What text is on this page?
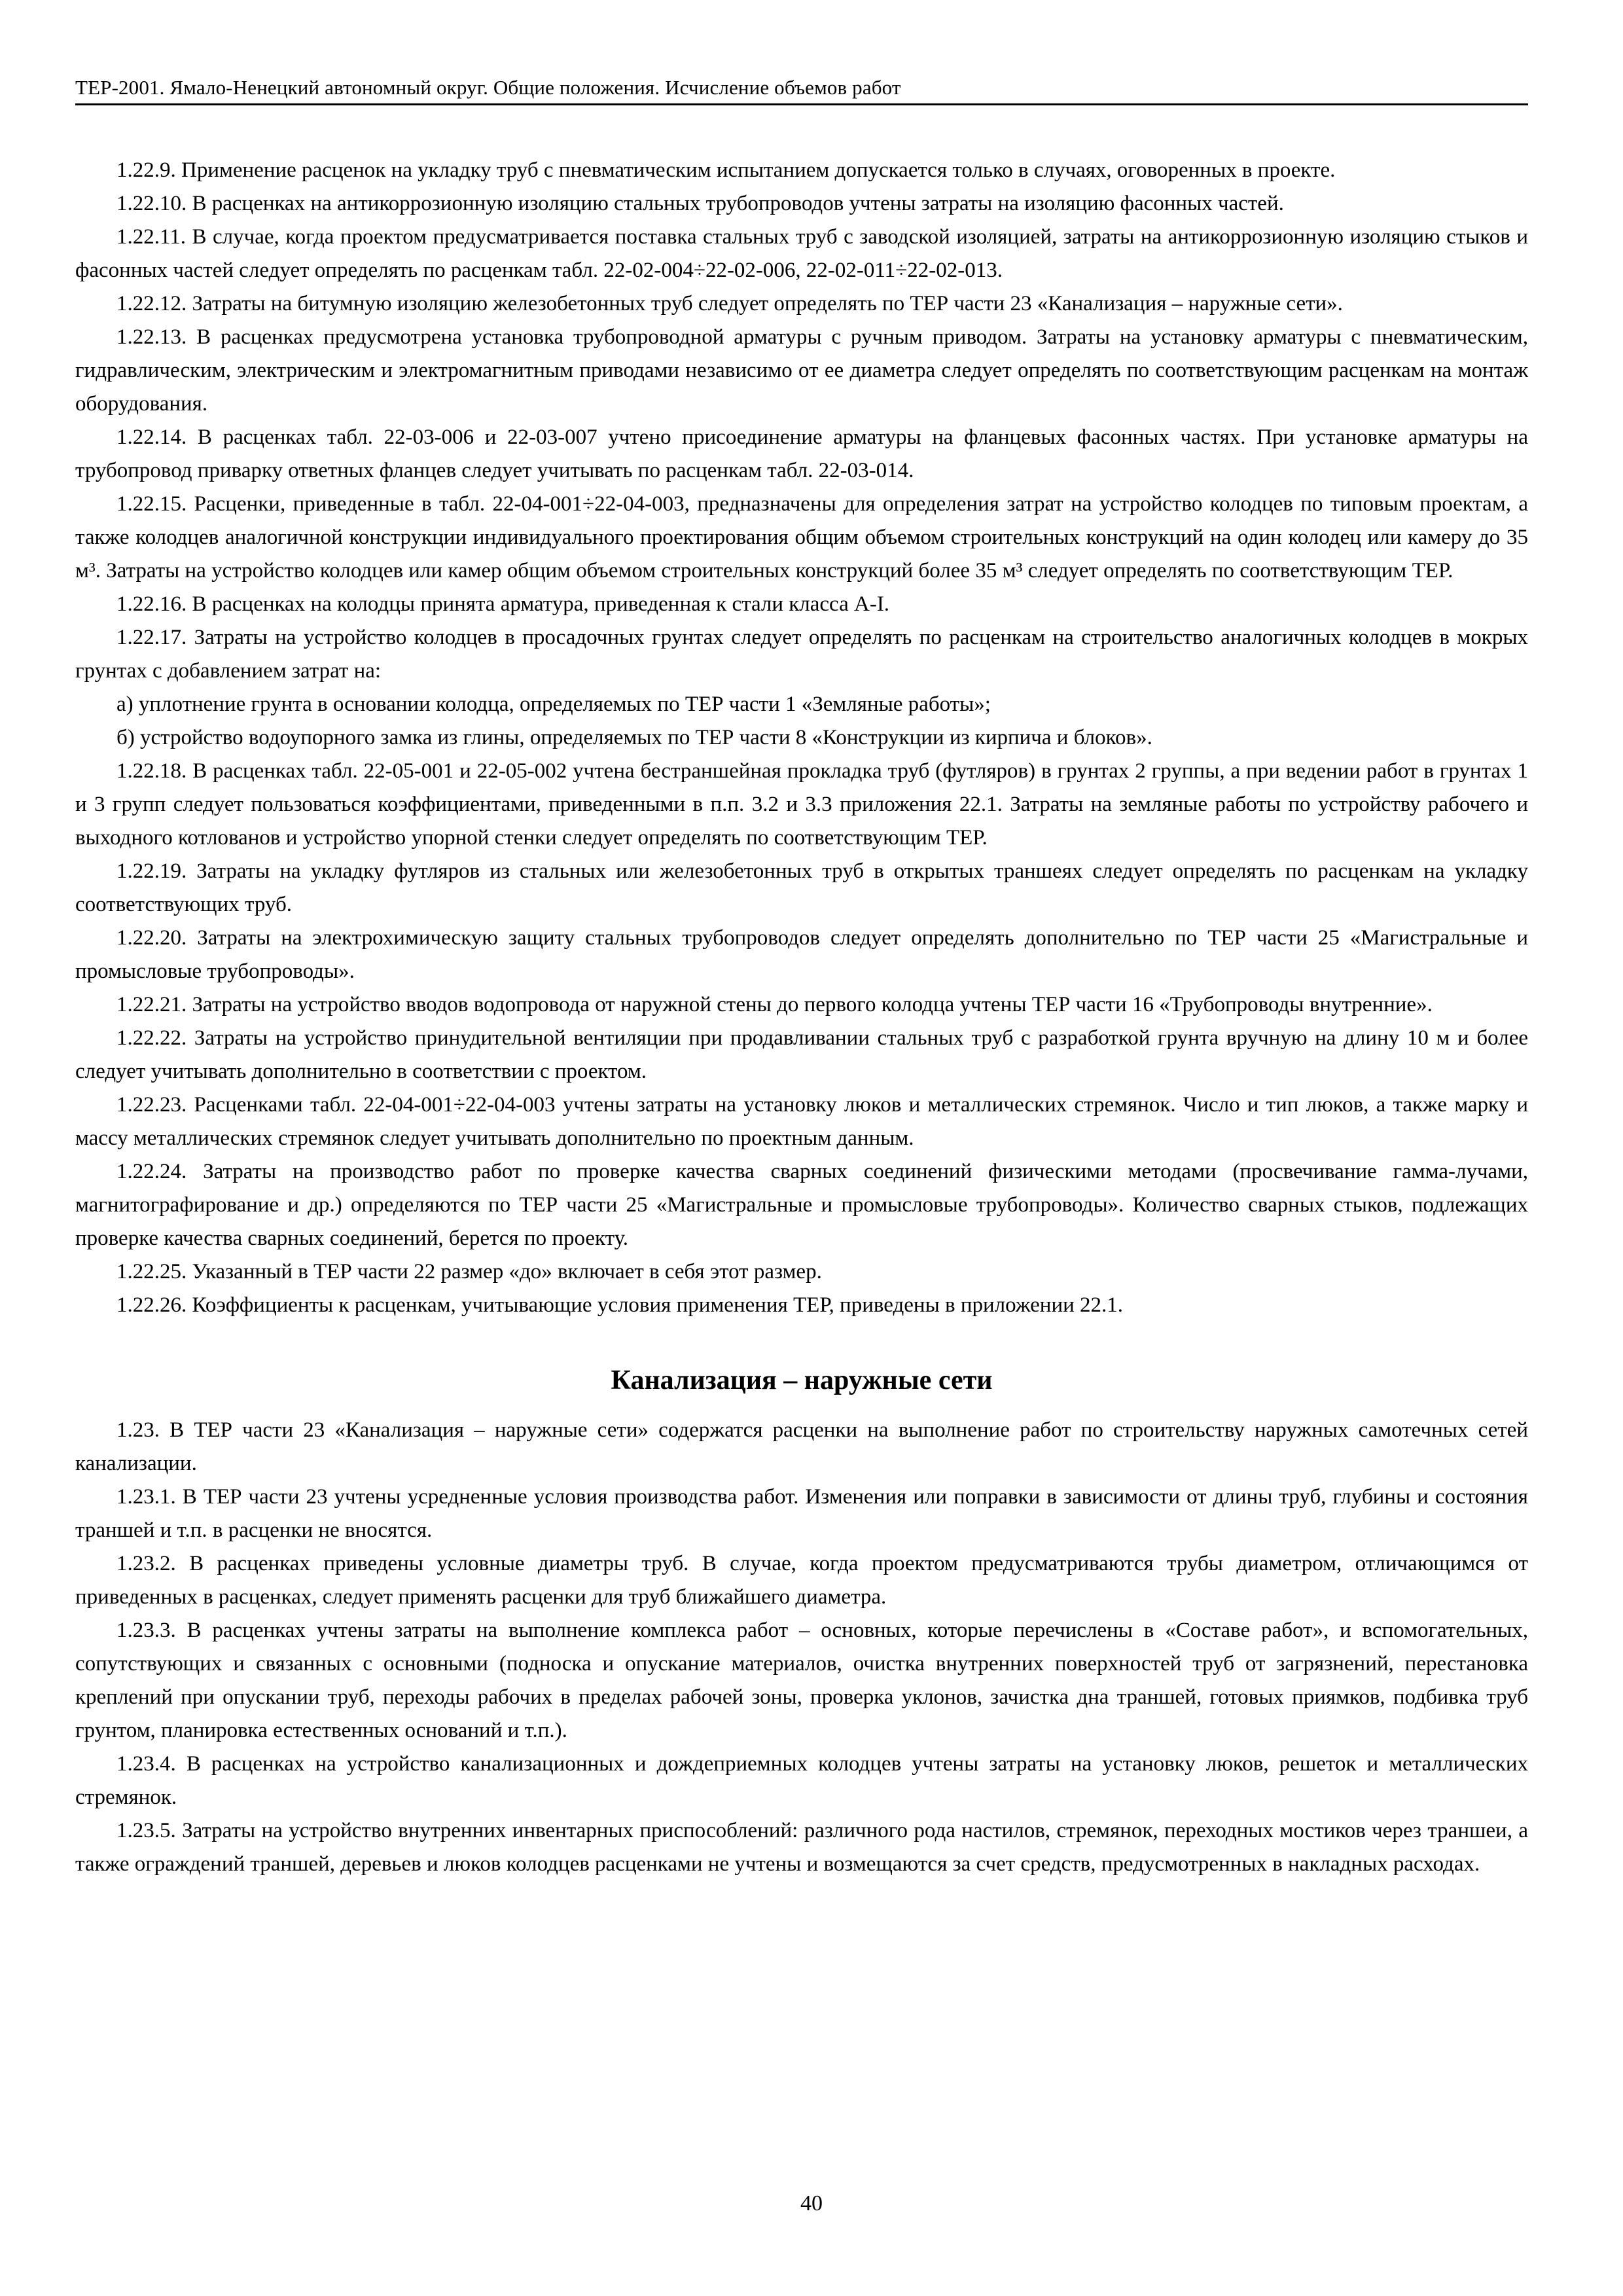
ТЕР-2001. Ямало-Ненецкий автономный округ. Общие положения. Исчисление объемов работ

1.22.9. Применение расценок на укладку труб с пневматическим испытанием допускается только в случаях, оговоренных в проекте.

1.22.10. В расценках на антикоррозионную изоляцию стальных трубопроводов учтены затраты на изоляцию фасонных частей.

1.22.11. В случае, когда проектом предусматривается поставка стальных труб с заводской изоляцией, затраты на антикоррозионную изоляцию стыков и фасонных частей следует определять по расценкам табл. 22-02-004÷22-02-006, 22-02-011÷22-02-013.

1.22.12. Затраты на битумную изоляцию железобетонных труб следует определять по ТЕР части 23 «Канализация – наружные сети».

1.22.13. В расценках предусмотрена установка трубопроводной арматуры с ручным приводом. Затраты на установку арматуры с пневматическим, гидравлическим, электрическим и электромагнитным приводами независимо от ее диаметра следует определять по соответствующим расценкам на монтаж оборудования.

1.22.14. В расценках табл. 22-03-006 и 22-03-007 учтено присоединение арматуры на фланцевых фасонных частях. При установке арматуры на трубопровод приварку ответных фланцев следует учитывать по расценкам табл. 22-03-014.

1.22.15. Расценки, приведенные в табл. 22-04-001÷22-04-003, предназначены для определения затрат на устройство колодцев по типовым проектам, а также колодцев аналогичной конструкции индивидуального проектирования общим объемом строительных конструкций на один колодец или камеру до 35 м³. Затраты на устройство колодцев или камер общим объемом строительных конструкций более 35 м³ следует определять по соответствующим ТЕР.

1.22.16. В расценках на колодцы принята арматура, приведенная к стали класса А-I.

1.22.17. Затраты на устройство колодцев в просадочных грунтах следует определять по расценкам на строительство аналогичных колодцев в мокрых грунтах с добавлением затрат на:

а) уплотнение грунта в основании колодца, определяемых по ТЕР части 1 «Земляные работы»;

б) устройство водоупорного замка из глины, определяемых по ТЕР части 8 «Конструкции из кирпича и блоков».

1.22.18. В расценках табл. 22-05-001 и 22-05-002 учтена бестраншейная прокладка труб (футляров) в грунтах 2 группы, а при ведении работ в грунтах 1 и 3 групп следует пользоваться коэффициентами, приведенными в п.п. 3.2 и 3.3 приложения 22.1. Затраты на земляные работы по устройству рабочего и выходного котлованов и устройство упорной стенки следует определять по соответствующим ТЕР.

1.22.19. Затраты на укладку футляров из стальных или железобетонных труб в открытых траншеях следует определять по расценкам на укладку соответствующих труб.

1.22.20. Затраты на электрохимическую защиту стальных трубопроводов следует определять дополнительно по ТЕР части 25 «Магистральные и промысловые трубопроводы».

1.22.21. Затраты на устройство вводов водопровода от наружной стены до первого колодца учтены ТЕР части 16 «Трубопроводы внутренние».

1.22.22. Затраты на устройство принудительной вентиляции при продавливании стальных труб с разработкой грунта вручную на длину 10 м и более следует учитывать дополнительно в соответствии с проектом.

1.22.23. Расценками табл. 22-04-001÷22-04-003 учтены затраты на установку люков и металлических стремянок. Число и тип люков, а также марку и массу металлических стремянок следует учитывать дополнительно по проектным данным.

1.22.24. Затраты на производство работ по проверке качества сварных соединений физическими методами (просвечивание гамма-лучами, магнитографирование и др.) определяются по ТЕР части 25 «Магистральные и промысловые трубопроводы». Количество сварных стыков, подлежащих проверке качества сварных соединений, берется по проекту.

1.22.25. Указанный в ТЕР части 22 размер «до» включает в себя этот размер.

1.22.26. Коэффициенты к расценкам, учитывающие условия применения ТЕР, приведены в приложении 22.1.

Канализация – наружные сети

1.23. В ТЕР части 23 «Канализация – наружные сети» содержатся расценки на выполнение работ по строительству наружных самотечных сетей канализации.

1.23.1. В ТЕР части 23 учтены усредненные условия производства работ. Изменения или поправки в зависимости от длины труб, глубины и состояния траншей и т.п. в расценки не вносятся.

1.23.2. В расценках приведены условные диаметры труб. В случае, когда проектом предусматриваются трубы диаметром, отличающимся от приведенных в расценках, следует применять расценки для труб ближайшего диаметра.

1.23.3. В расценках учтены затраты на выполнение комплекса работ – основных, которые перечислены в «Составе работ», и вспомогательных, сопутствующих и связанных с основными (подноска и опускание материалов, очистка внутренних поверхностей труб от загрязнений, перестановка креплений при опускании труб, переходы рабочих в пределах рабочей зоны, проверка уклонов, зачистка дна траншей, готовых приямков, подбивка труб грунтом, планировка естественных оснований и т.п.).

1.23.4. В расценках на устройство канализационных и дождеприемных колодцев учтены затраты на установку люков, решеток и металлических стремянок.

1.23.5. Затраты на устройство внутренних инвентарных приспособлений: различного рода настилов, стремянок, переходных мостиков через траншеи, а также ограждений траншей, деревьев и люков колодцев расценками не учтены и возмещаются за счет средств, предусмотренных в накладных расходах.

40
